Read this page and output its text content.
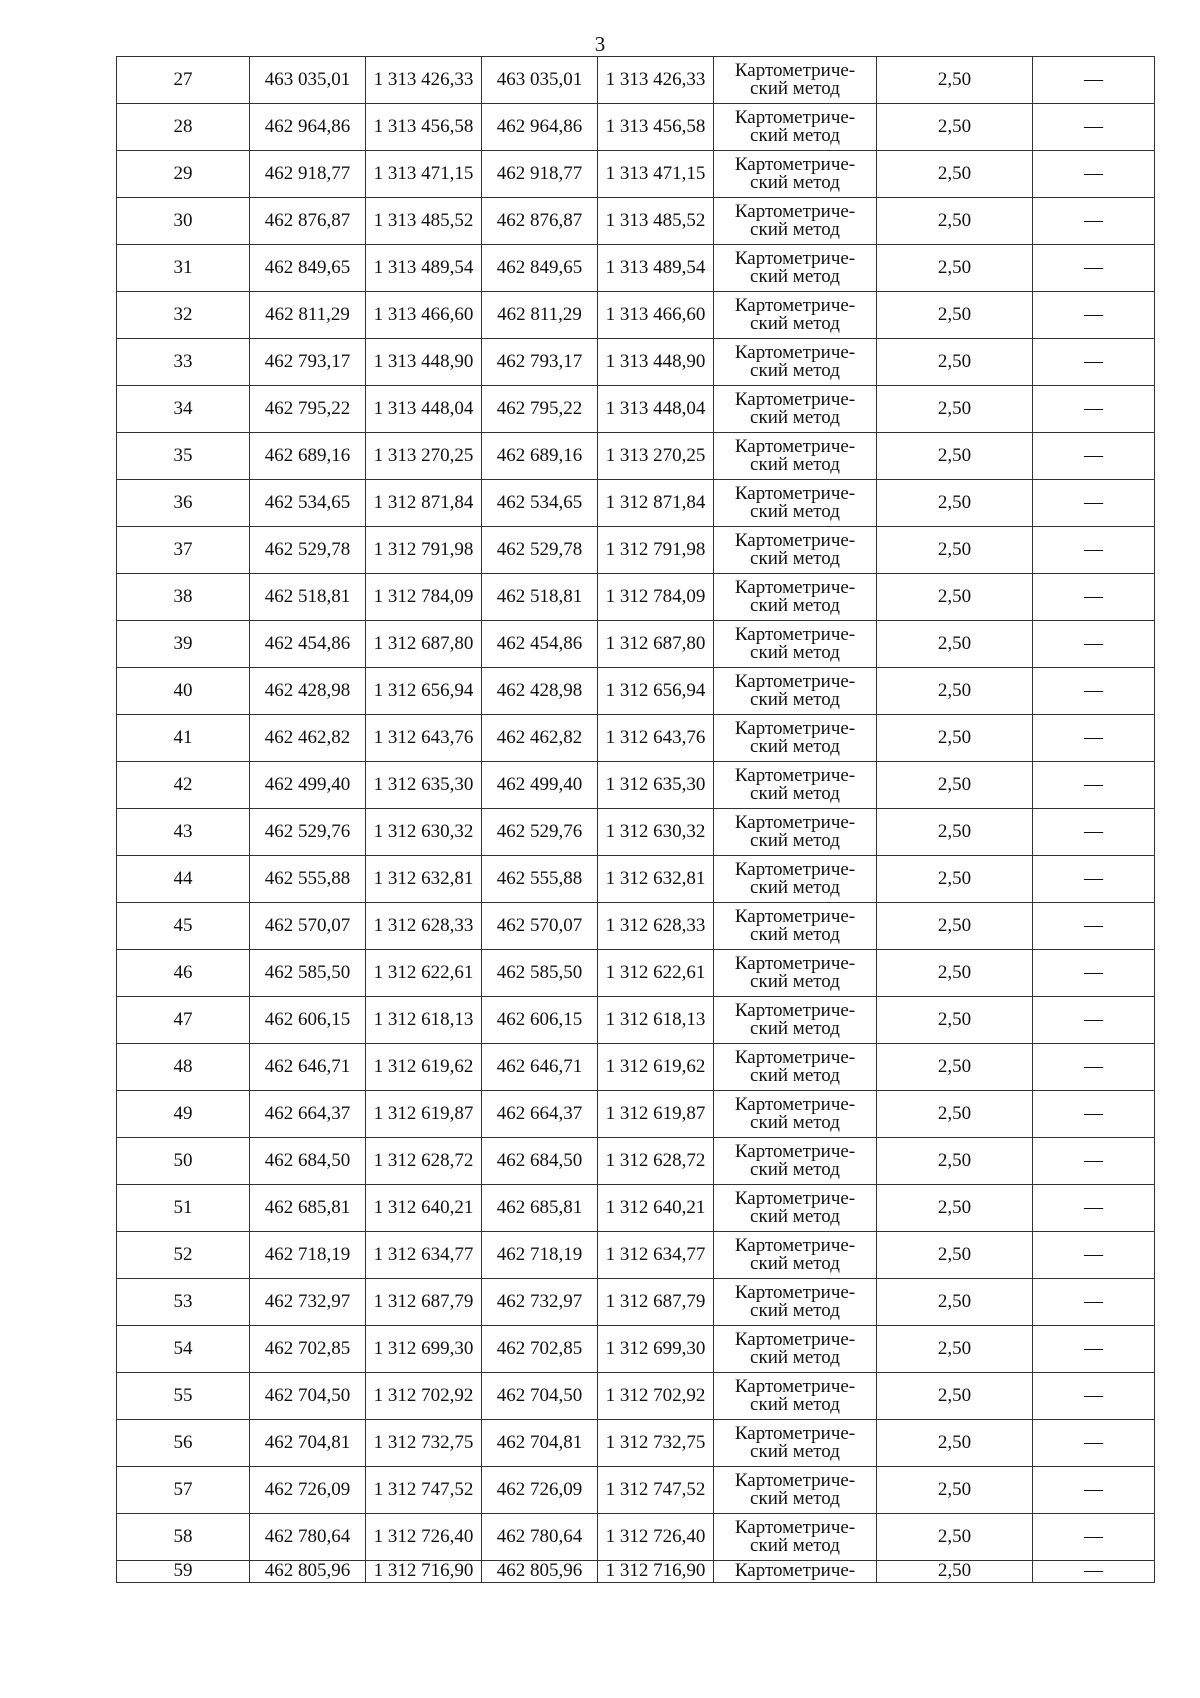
3
27	463 035,01	1 313 426,33	463 035,01	1 313 426,33	Картометриче-
ский метод	2,50	—
28	462 964,86	1 313 456,58	462 964,86	1 313 456,58	Картометриче-
ский метод	2,50	—
29	462 918,77	1 313 471,15	462 918,77	1 313 471,15	Картометриче-
ский метод	2,50	—
30	462 876,87	1 313 485,52	462 876,87	1 313 485,52	Картометриче-
ский метод	2,50	—
31	462 849,65	1 313 489,54	462 849,65	1 313 489,54	Картометриче-
ский метод	2,50	—
32	462 811,29	1 313 466,60	462 811,29	1 313 466,60	Картометриче-
ский метод	2,50	—
33	462 793,17	1 313 448,90	462 793,17	1 313 448,90	Картометриче-
ский метод	2,50	—
34	462 795,22	1 313 448,04	462 795,22	1 313 448,04	Картометриче-
ский метод	2,50	—
35	462 689,16	1 313 270,25	462 689,16	1 313 270,25	Картометриче-
ский метод	2,50	—
36	462 534,65	1 312 871,84	462 534,65	1 312 871,84	Картометриче-
ский метод	2,50	—
37	462 529,78	1 312 791,98	462 529,78	1 312 791,98	Картометриче-
ский метод	2,50	—
38	462 518,81	1 312 784,09	462 518,81	1 312 784,09	Картометриче-
ский метод	2,50	—
39	462 454,86	1 312 687,80	462 454,86	1 312 687,80	Картометриче-
ский метод	2,50	—
40	462 428,98	1 312 656,94	462 428,98	1 312 656,94	Картометриче-
ский метод	2,50	—
41	462 462,82	1 312 643,76	462 462,82	1 312 643,76	Картометриче-
ский метод	2,50	—
42	462 499,40	1 312 635,30	462 499,40	1 312 635,30	Картометриче-
ский метод	2,50	—
43	462 529,76	1 312 630,32	462 529,76	1 312 630,32	Картометриче-
ский метод	2,50	—
44	462 555,88	1 312 632,81	462 555,88	1 312 632,81	Картометриче-
ский метод	2,50	—
45	462 570,07	1 312 628,33	462 570,07	1 312 628,33	Картометриче-
ский метод	2,50	—
46	462 585,50	1 312 622,61	462 585,50	1 312 622,61	Картометриче-
ский метод	2,50	—
47	462 606,15	1 312 618,13	462 606,15	1 312 618,13	Картометриче-
ский метод	2,50	—
48	462 646,71	1 312 619,62	462 646,71	1 312 619,62	Картометриче-
ский метод	2,50	—
49	462 664,37	1 312 619,87	462 664,37	1 312 619,87	Картометриче-
ский метод	2,50	—
50	462 684,50	1 312 628,72	462 684,50	1 312 628,72	Картометриче-
ский метод	2,50	—
51	462 685,81	1 312 640,21	462 685,81	1 312 640,21	Картометриче-
ский метод	2,50	—
52	462 718,19	1 312 634,77	462 718,19	1 312 634,77	Картометриче-
ский метод	2,50	—
53	462 732,97	1 312 687,79	462 732,97	1 312 687,79	Картометриче-
ский метод	2,50	—
54	462 702,85	1 312 699,30	462 702,85	1 312 699,30	Картометриче-
ский метод	2,50	—
55	462 704,50	1 312 702,92	462 704,50	1 312 702,92	Картометриче-
ский метод	2,50	—
56	462 704,81	1 312 732,75	462 704,81	1 312 732,75	Картометриче-
ский метод	2,50	—
57	462 726,09	1 312 747,52	462 726,09	1 312 747,52	Картометриче-
ский метод	2,50	—
58	462 780,64	1 312 726,40	462 780,64	1 312 726,40	Картометриче-
ский метод	2,50	—
59	462 805,96	1 312 716,90	462 805,96	1 312 716,90	Картометриче-	2,50	—
